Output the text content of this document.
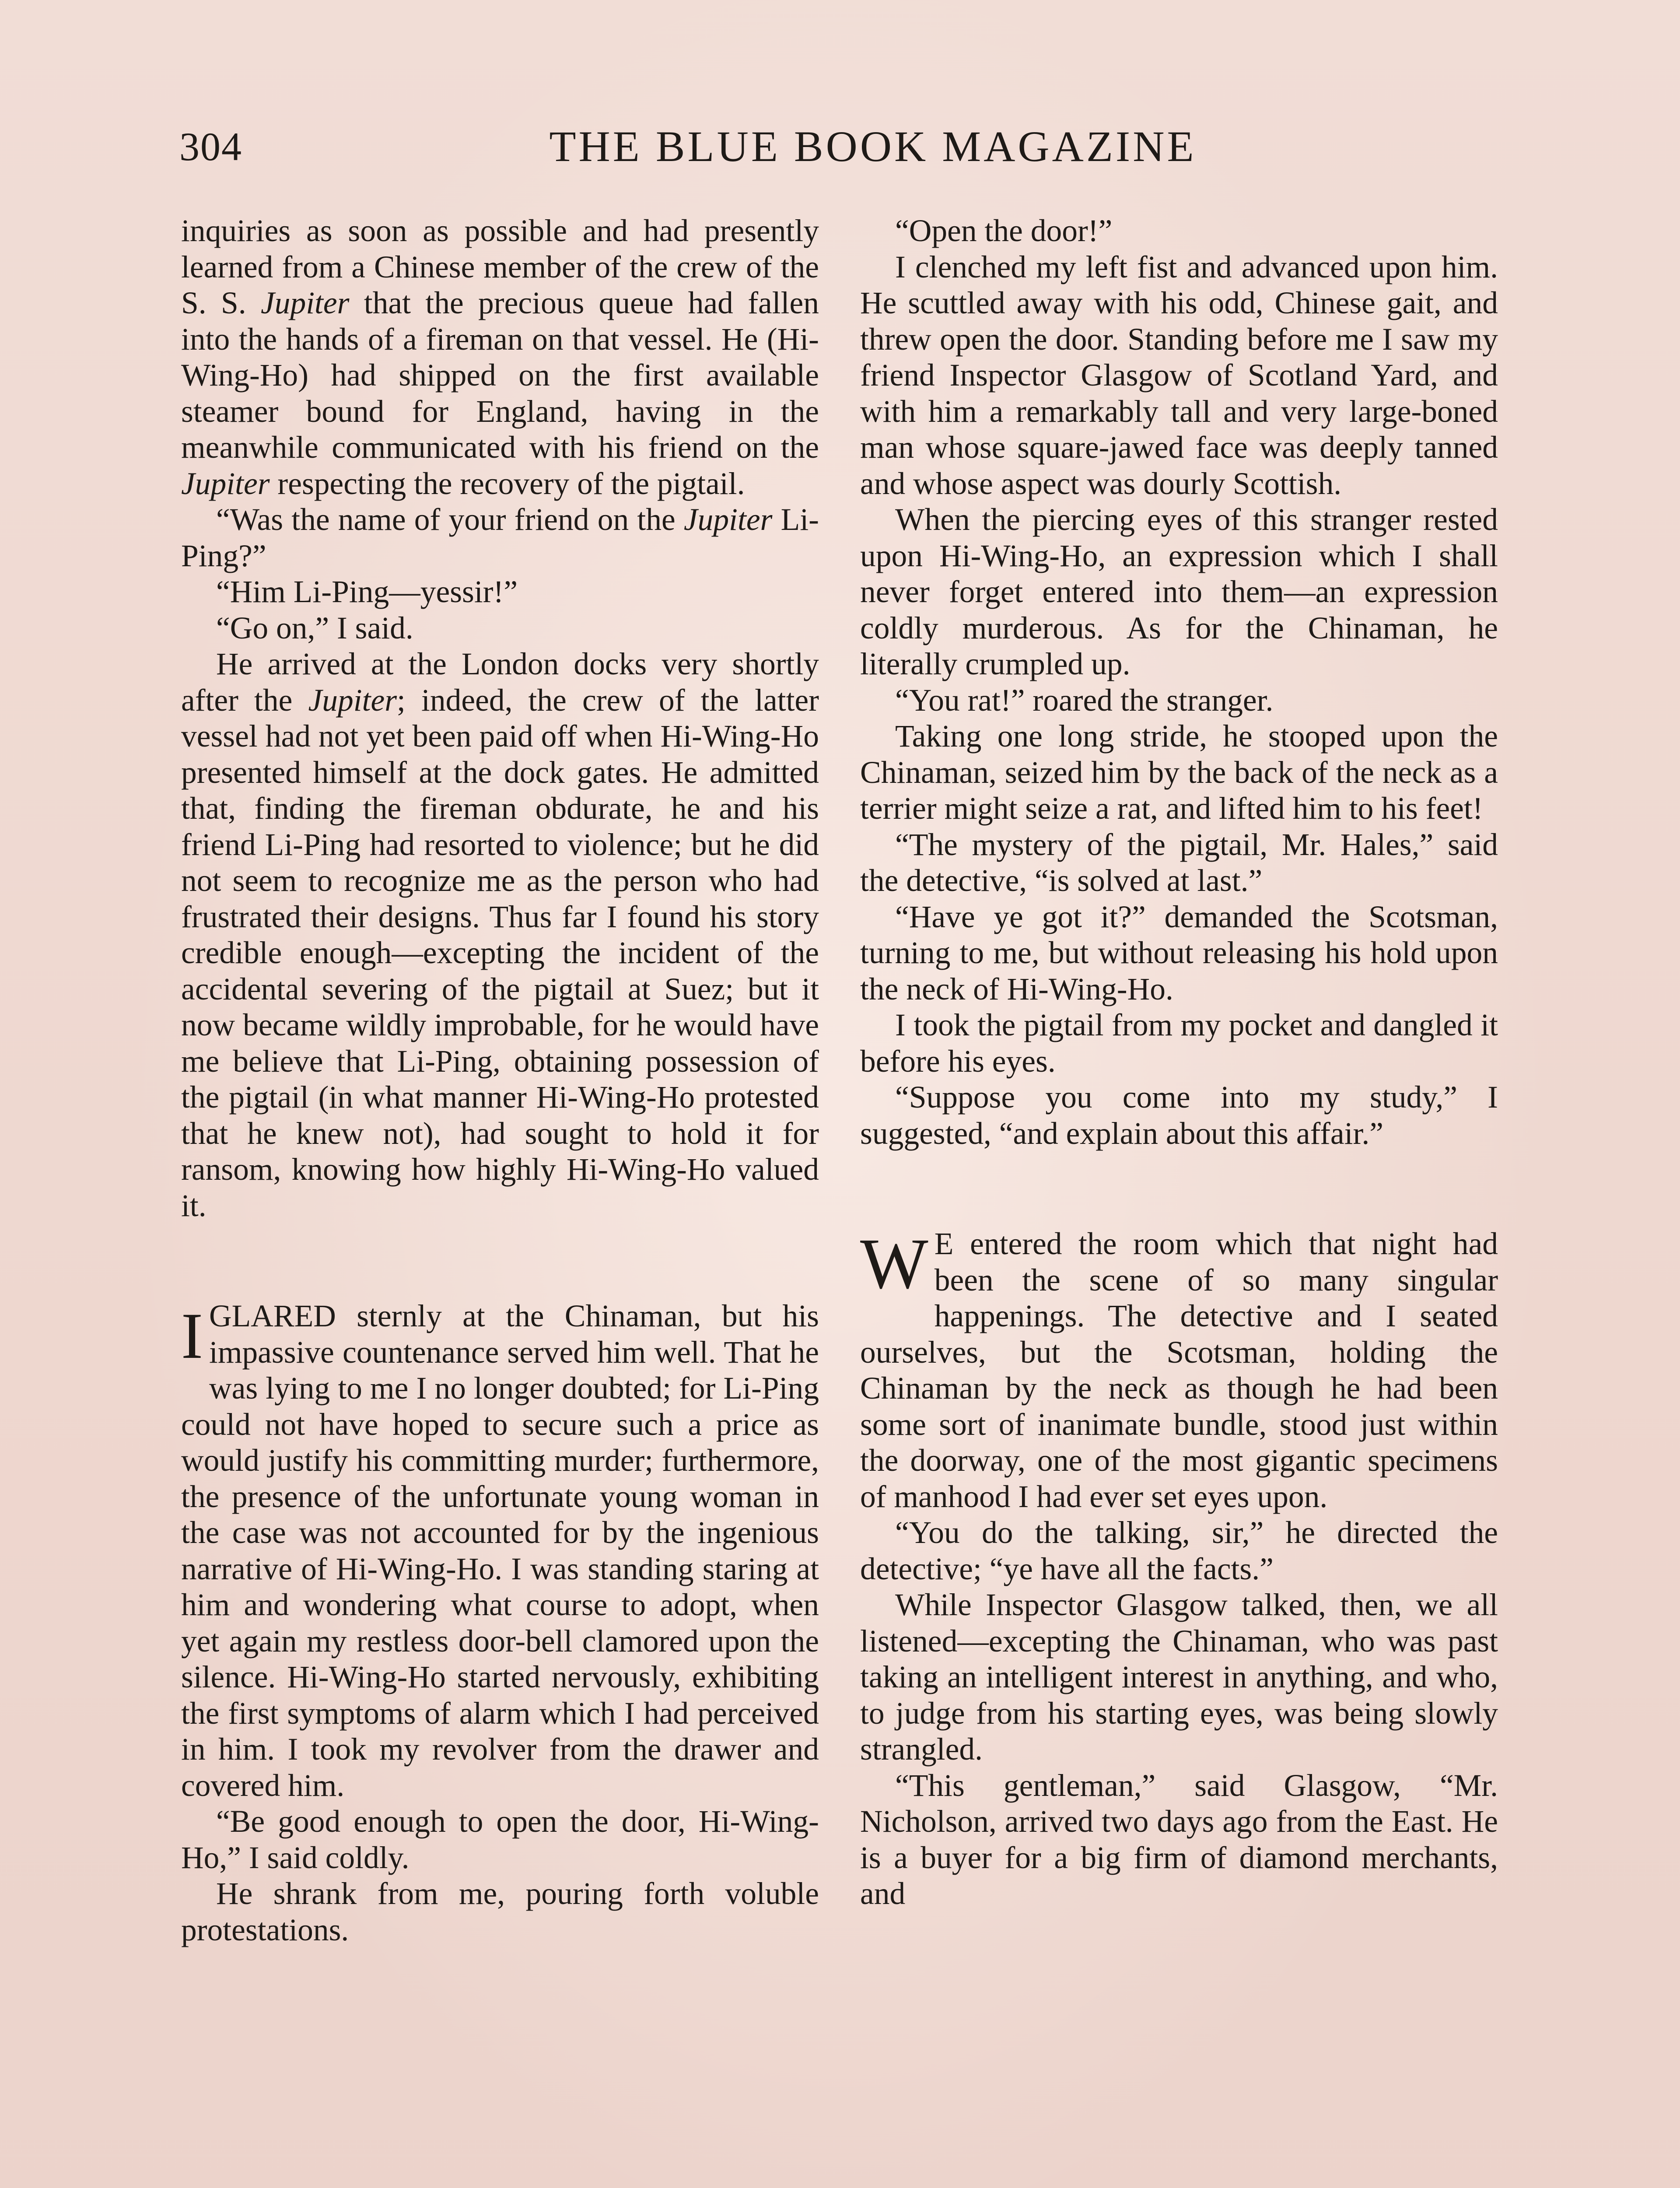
304	THE BLUE BOOK MAGAZINE

inquiries as soon as possible and had presently learned from a Chinese member of the crew of the S. S. Jupiter that the precious queue had fallen into the hands of a fireman on that vessel. He (Hi-Wing-Ho) had shipped on the first available steamer bound for England, having in the meanwhile communicated with his friend on the Jupiter respecting the recovery of the pigtail.

“Was the name of your friend on the Jupiter Li-Ping?”

“Him Li-Ping—yessir!”

“Go on,” I said.

He arrived at the London docks very shortly after the Jupiter; indeed, the crew of the latter vessel had not yet been paid off when Hi-Wing-Ho presented himself at the dock gates. He admitted that, finding the fireman obdurate, he and his friend Li-Ping had resorted to violence; but he did not seem to recognize me as the person who had frustrated their designs. Thus far I found his story credible enough—excepting the incident of the accidental severing of the pigtail at Suez; but it now became wildly improbable, for he would have me believe that Li-Ping, obtaining possession of the pigtail (in what manner Hi-Wing-Ho protested that he knew not), had sought to hold it for ransom, knowing how highly Hi-Wing-Ho valued it.

IGLARED sternly at the Chinaman, but his impassive countenance served him well. That he was lying to me I no longer doubted; for Li-Ping could not have hoped to secure such a price as would justify his committing murder; furthermore, the presence of the unfortunate young woman in the case was not accounted for by the ingenious narrative of Hi-Wing-Ho. I was standing staring at him and wondering what course to adopt, when yet again my restless door-bell clamored upon the silence. Hi-Wing-Ho started nervously, exhibiting the first symptoms of alarm which I had perceived in him. I took my revolver from the drawer and covered him.

“Be good enough to open the door, Hi-Wing-Ho,” I said coldly.

He shrank from me, pouring forth voluble protestations.

“Open the door!”

I clenched my left fist and advanced upon him. He scuttled away with his odd, Chinese gait, and threw open the door. Standing before me I saw my friend Inspector Glasgow of Scotland Yard, and with him a remarkably tall and very large-boned man whose square-jawed face was deeply tanned and whose aspect was dourly Scottish.

When the piercing eyes of this stranger rested upon Hi-Wing-Ho, an expression which I shall never forget entered into them—an expression coldly murderous. As for the Chinaman, he literally crumpled up.

“You rat!” roared the stranger.

Taking one long stride, he stooped upon the Chinaman, seized him by the back of the neck as a terrier might seize a rat, and lifted him to his feet!

“The mystery of the pigtail, Mr. Hales,” said the detective, “is solved at last.”

“Have ye got it?” demanded the Scotsman, turning to me, but without releasing his hold upon the neck of Hi-Wing-Ho.

I took the pigtail from my pocket and dangled it before his eyes.

“Suppose you come into my study,” I suggested, “and explain about this affair.”

W E entered the room which that night had been the scene of so many singular happenings. The detective and I seated ourselves, but the Scotsman, holding the Chinaman by the neck as though he had been some sort of inanimate bundle, stood just within the doorway, one of the most gigantic specimens of manhood I had ever set eyes upon.

“You do the talking, sir,” he directed the detective; “ye have all the facts.”

While Inspector Glasgow talked, then, we all listened—excepting the Chinaman, who was past taking an intelligent interest in anything, and who, to judge from his starting eyes, was being slowly strangled.

“This gentleman,” said Glasgow, “Mr. Nicholson, arrived two days ago from the East. He is a buyer for a big firm of diamond merchants, and
